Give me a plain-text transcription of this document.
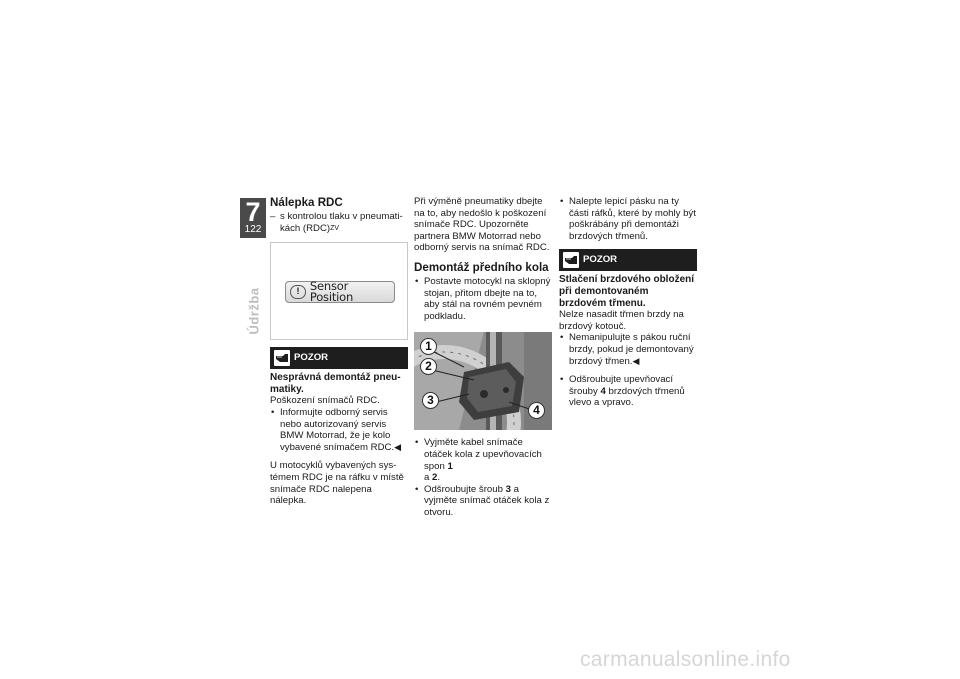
7
122
Údržba
Nálepka RDC

– s kontrolou tlaku v pneumatikách (RDC)$^{ZV}$

! Sensor Position
POZOR

Nesprávná demontáž pneumatiky.

Poškození snímačů RDC.

• Informujte odborný servis nebo autorizovaný servis BMW Motorrad, že je kolo vybavené snímačem RDC.◀

U motocyklů vybavených systémem RDC je na ráfku v místě snímače RDC nalepena nálepka.

Při výměně pneumatiky dbejte na to, aby nedošlo k poškození snímače RDC. Upozorněte partnera BMW Motorrad nebo odborný servis na snímač RDC.

Demontáž předního kola

• Postavte motocykl na sklopný stojan, přitom dbejte na to, aby stál na rovném pevném podkladu.

1
2
3
4

• Vyjměte kabel snímače otáček kola z upevňovacích spon 1
a 2.

• Odšroubujte šroub 3 a vyjměte snímač otáček kola z otvoru.

• Nalepte lepicí pásku na ty části ráfků, které by mohly být poškrábány při demontáži brzdových třmenů.

POZOR

Stlačení brzdového obložení při demontovaném brzdovém třmenu.

Nelze nasadit třmen brzdy na brzdový kotouč.

• Nemanipulujte s pákou ruční brzdy, pokud je demontovaný brzdový třmen.◀

• Odšroubujte upevňovací šrouby 4 brzdových třmenů vlevo a vpravo.

carmanualsonline.info
